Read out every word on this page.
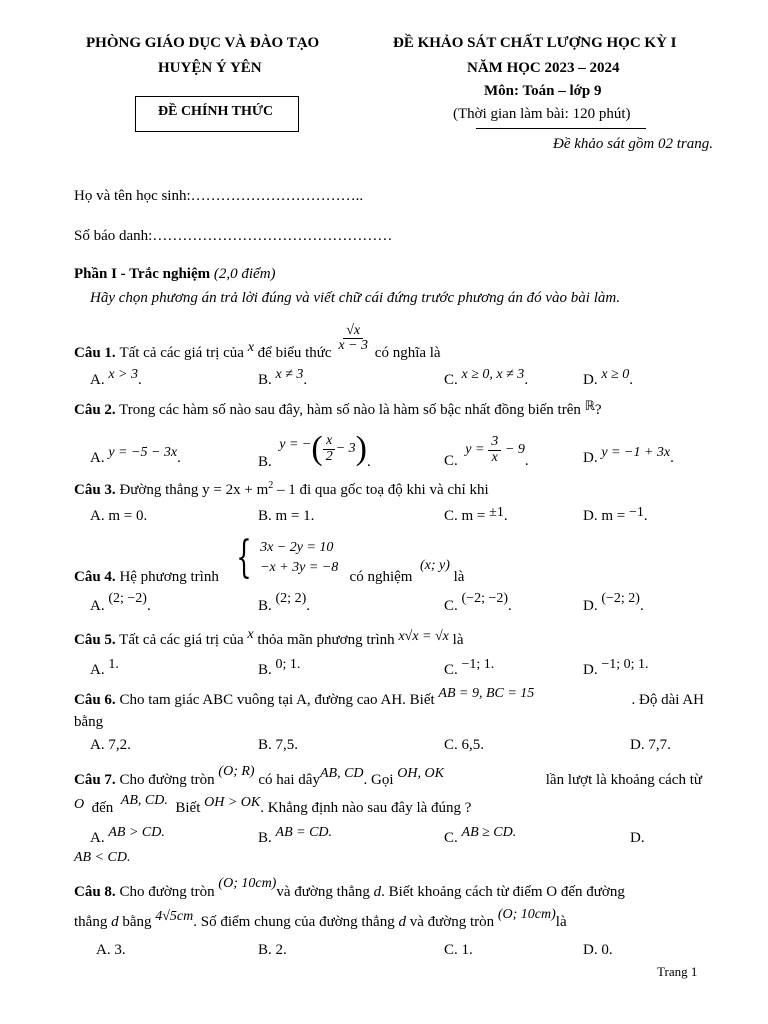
PHÒNG GIÁO DỤC VÀ ĐÀO TẠO
HUYỆN Ý YÊN
ĐỀ CHÍNH THỨC
ĐỀ KHẢO SÁT CHẤT LƯỢNG HỌC KỲ I
NĂM HỌC 2023 – 2024
Môn: Toán – lớp 9
(Thời gian làm bài: 120 phút)
Đề khảo sát gồm 02 trang.
Họ và tên học sinh:……………………………..
Số báo danh:…………………………………………
Phần I - Trắc nghiệm (2,0 điểm)
Hãy chọn phương án trả lời đúng và viết chữ cái đứng trước phương án đó vào bài làm.
Câu 1.
Tất cả các giá trị của
x
để biểu thức
$\frac{√x}{x - 3}$
có nghĩa là
A. x > 3.	B. x ≠ 3.	C. x ≥ 0, x ≠ 3.	D. x ≥ 0.
Câu 2. Trong các hàm số nào sau đây, hàm số nào là hàm số bậc nhất đồng biến trên ℝ?
A. y = −5 − 3x.	B.

y = − ( $\frac{x}{2} - 3$ ) .	C.

y =
$\frac{3}{x}$
− 9
.	D. y = −1 + 3x.
Câu 3. Đường thẳng $y = 2x + m^2 - 1$ đi qua gốc toạ độ khi và chỉ khi
A. m = 0.	B. m = 1.	C. m = ±1.	D. m = −1.
Câu 4.
Hệ phương trình
{ 3x − 2y = 10
−x + 3y = −8

có nghiệm

(x; y)

là
A. (2; −2).	B. (2; 2).	C. (−2; −2).	D. (−2; 2).
Câu 5. Tất cả các giá trị của x thỏa mãn phương trình x√x = √x là
A. 1.	B. 0; 1.	C. −1; 1.	D. −1; 0; 1.
Câu 6.
Cho tam giác ABC vuông tại A, đường cao AH. Biết
AB = 9, BC = 15	. Độ dài AH
bằng
A. 7,2.	B. 7,5.	C. 6,5.	D. 7,7.
Câu 7.
Cho đường tròn

(O; R)

có hai dây AB, CD . Gọi
OH, OK
	lần lượt là khoảng cách từ
O đến AB, CD. Biết OH > OK. Khẳng định nào sau đây là đúng ?
A. AB > CD.	B. AB = CD.	C. AB ≥ CD.	D.
AB < CD.
Câu 8.
Cho đường tròn

(O; 10cm)
và đường thẳng
d . Biết khoảng cách từ điểm O đến đường
thẳng d bằng 4√5cm. Số điểm chung của đường thẳng d và đường tròn (O; 10cm)là
A. 3.	B. 2.	C. 1.	D. 0.
Trang 1
